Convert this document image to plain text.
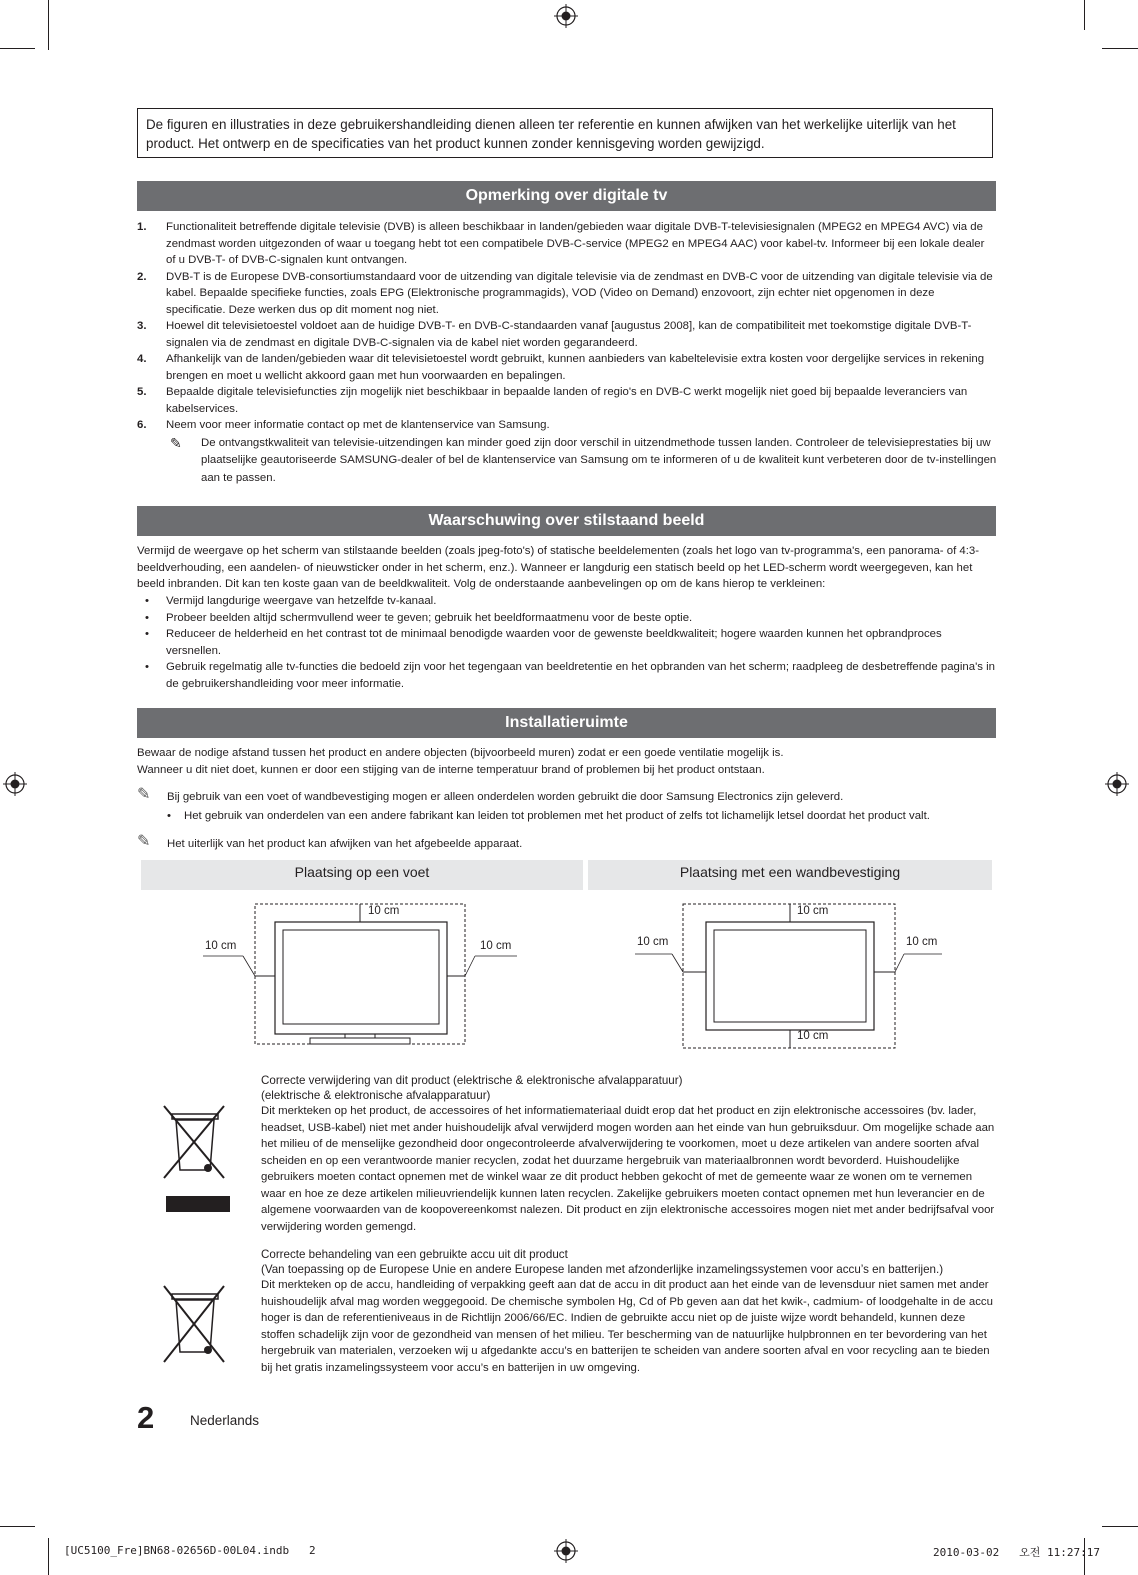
De figuren en illustraties in deze gebruikershandleiding dienen alleen ter referentie en kunnen afwijken van het werkelijke uiterlijk van het product. Het ontwerp en de specificaties van het product kunnen zonder kennisgeving worden gewijzigd.
Opmerking over digitale tv
1. Functionaliteit betreffende digitale televisie (DVB) is alleen beschikbaar in landen/gebieden waar digitale DVB-T-televisiesignalen (MPEG2 en MPEG4 AVC) via de zendmast worden uitgezonden of waar u toegang hebt tot een compatibele DVB-C-service (MPEG2 en MPEG4 AAC) voor kabel-tv. Informeer bij een lokale dealer of u DVB-T- of DVB-C-signalen kunt ontvangen.
2. DVB-T is de Europese DVB-consortiumstandaard voor de uitzending van digitale televisie via de zendmast en DVB-C voor de uitzending van digitale televisie via de kabel. Bepaalde specifieke functies, zoals EPG (Elektronische programmagids), VOD (Video on Demand) enzovoort, zijn echter niet opgenomen in deze specificatie. Deze werken dus op dit moment nog niet.
3. Hoewel dit televisietoestel voldoet aan de huidige DVB-T- en DVB-C-standaarden vanaf [augustus 2008], kan de compatibiliteit met toekomstige digitale DVB-T-signalen via de zendmast en digitale DVB-C-signalen via de kabel niet worden gegarandeerd.
4. Afhankelijk van de landen/gebieden waar dit televisietoestel wordt gebruikt, kunnen aanbieders van kabeltelevisie extra kosten voor dergelijke services in rekening brengen en moet u wellicht akkoord gaan met hun voorwaarden en bepalingen.
5. Bepaalde digitale televisiefuncties zijn mogelijk niet beschikbaar in bepaalde landen of regio's en DVB-C werkt mogelijk niet goed bij bepaalde leveranciers van kabelservices.
6. Neem voor meer informatie contact op met de klantenservice van Samsung.
✎ De ontvangstkwaliteit van televisie-uitzendingen kan minder goed zijn door verschil in uitzendmethode tussen landen. Controleer de televisieprestaties bij uw plaatselijke geautoriseerde SAMSUNG-dealer of bel de klantenservice van Samsung om te informeren of u de kwaliteit kunt verbeteren door de tv-instellingen aan te passen.
Waarschuwing over stilstaand beeld
Vermijd de weergave op het scherm van stilstaande beelden (zoals jpeg-foto's) of statische beeldelementen (zoals het logo van tv-programma's, een panorama- of 4:3-beeldverhouding, een aandelen- of nieuwsticker onder in het scherm, enz.). Wanneer er langdurig een statisch beeld op het LED-scherm wordt weergegeven, kan het beeld inbranden. Dit kan ten koste gaan van de beeldkwaliteit. Volg de onderstaande aanbevelingen op om de kans hierop te verkleinen:
• Vermijd langdurige weergave van hetzelfde tv-kanaal.
• Probeer beelden altijd schermvullend weer te geven; gebruik het beeldformaatmenu voor de beste optie.
• Reduceer de helderheid en het contrast tot de minimaal benodigde waarden voor de gewenste beeldkwaliteit; hogere waarden kunnen het opbrandproces versnellen.
• Gebruik regelmatig alle tv-functies die bedoeld zijn voor het tegengaan van beeldretentie en het opbranden van het scherm; raadpleeg de desbetreffende pagina's in de gebruikershandleiding voor meer informatie.
Installatieruimte
Bewaar de nodige afstand tussen het product en andere objecten (bijvoorbeeld muren) zodat er een goede ventilatie mogelijk is.
Wanneer u dit niet doet, kunnen er door een stijging van de interne temperatuur brand of problemen bij het product ontstaan.
✎	Bij gebruik van een voet of wandbevestiging mogen er alleen onderdelen worden gebruikt die door Samsung Electronics zijn geleverd.
•	Het gebruik van onderdelen van een andere fabrikant kan leiden tot problemen met het product of zelfs tot lichamelijk letsel doordat het product valt.
✎	Het uiterlijk van het product kan afwijken van het afgebeelde apparaat.
Plaatsing op een voet	Plaatsing met een wandbevestiging
10 cm
10 cm	10 cm
10 cm
10 cm	10 cm
10 cm
Correcte verwijdering van dit product (elektrische & elektronische afvalapparatuur)
(elektrische & elektronische afvalapparatuur)
Dit merkteken op het product, de accessoires of het informatiemateriaal duidt erop dat het product en zijn elektronische accessoires (bv. lader, headset, USB-kabel) niet met ander huishoudelijk afval verwijderd mogen worden aan het einde van hun gebruiksduur. Om mogelijke schade aan het milieu of de menselijke gezondheid door ongecontroleerde afvalverwijdering te voorkomen, moet u deze artikelen van andere soorten afval scheiden en op een verantwoorde manier recyclen, zodat het duurzame hergebruik van materiaalbronnen wordt bevorderd. Huishoudelijke gebruikers moeten contact opnemen met de winkel waar ze dit product hebben gekocht of met de gemeente waar ze wonen om te vernemen waar en hoe ze deze artikelen milieuvriendelijk kunnen laten recyclen. Zakelijke gebruikers moeten contact opnemen met hun leverancier en de algemene voorwaarden van de koopovereenkomst nalezen. Dit product en zijn elektronische accessoires mogen niet met ander bedrijfsafval voor verwijdering worden gemengd.
Correcte behandeling van een gebruikte accu uit dit product
(Van toepassing op de Europese Unie en andere Europese landen met afzonderlijke inzamelingssystemen voor accu’s en batterijen.)
Dit merkteken op de accu, handleiding of verpakking geeft aan dat de accu in dit product aan het einde van de levensduur niet samen met ander huishoudelijk afval mag worden weggegooid. De chemische symbolen Hg, Cd of Pb geven aan dat het kwik-, cadmium- of loodgehalte in de accu hoger is dan de referentieniveaus in de Richtlijn 2006/66/EC. Indien de gebruikte accu niet op de juiste wijze wordt behandeld, kunnen deze stoffen schadelijk zijn voor de gezondheid van mensen of het milieu. Ter bescherming van de natuurlijke hulpbronnen en ter bevordering van het hergebruik van materialen, verzoeken wij u afgedankte accu’s en batterijen te scheiden van andere soorten afval en voor recycling aan te bieden bij het gratis inzamelingssysteem voor accu’s en batterijen in uw omgeving.
2	Nederlands
[UC5100_Fre]BN68-02656D-00L04.indb   2	2010-03-02   오전 11:27:17
